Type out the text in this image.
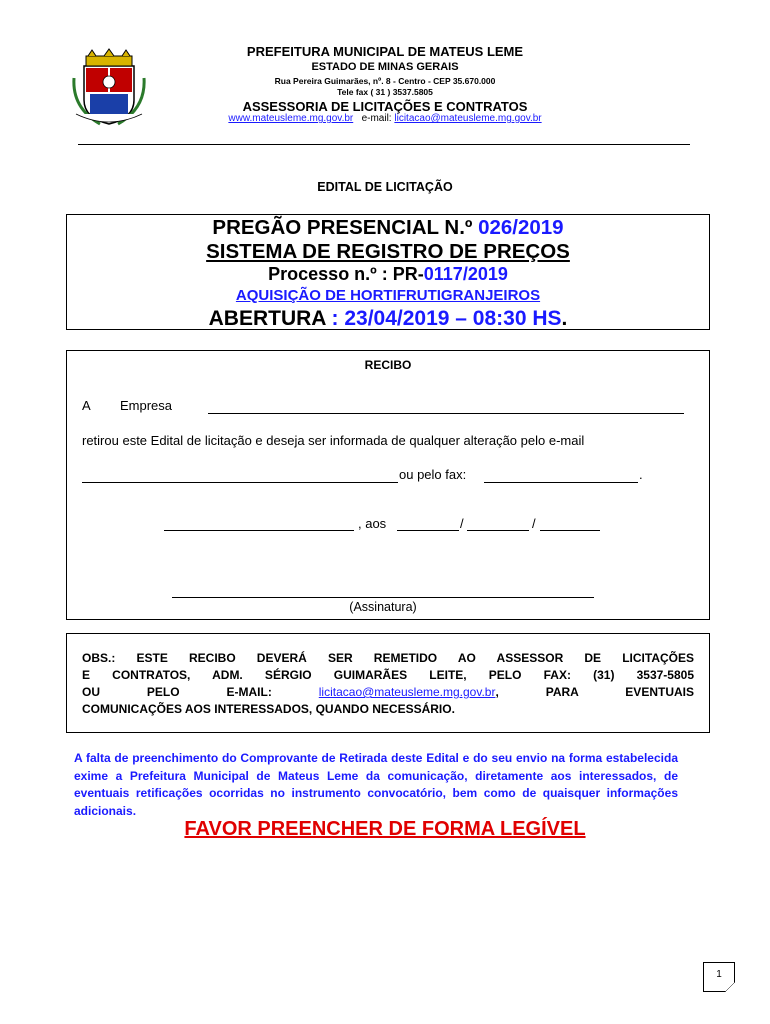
PREFEITURA MUNICIPAL DE MATEUS LEME
ESTADO DE MINAS GERAIS
Rua Pereira Guimarães, nº. 8 - Centro - CEP 35.670.000
Tele fax ( 31 ) 3537.5805
ASSESSORIA DE LICITAÇÕES E CONTRATOS
www.mateusleme.mg.gov.br e-mail: licitacao@mateusleme.mg.gov.br
EDITAL DE LICITAÇÃO
PREGÃO PRESENCIAL N.º 026/2019
SISTEMA DE REGISTRO DE PREÇOS
Processo n.º : PR-0117/2019
AQUISIÇÃO DE HORTIFRUTIGRANJEIROS
ABERTURA : 23/04/2019 – 08:30 HS.
RECIBO
A Empresa
retirou este Edital de licitação e deseja ser informada de qualquer alteração pelo e-mail
ou pelo fax:	.
, aos	/	/
(Assinatura)
OBS.: ESTE RECIBO DEVERÁ SER REMETIDO AO ASSESSOR DE LICITAÇÕES
E CONTRATOS, ADM. SÉRGIO GUIMARÃES LEITE, PELO FAX: (31) 3537-5805
OU PELO E-MAIL:	licitacao@mateusleme.mg.gov.br, PARA EVENTUAIS
COMUNICAÇÕES AOS INTERESSADOS, QUANDO NECESSÁRIO.
A falta de preenchimento do Comprovante de Retirada deste Edital e do seu envio na forma estabelecida exime a Prefeitura Municipal de Mateus Leme da comunicação, diretamente aos interessados, de eventuais retificações ocorridas no instrumento convocatório, bem como de quaisquer informações adicionais.
FAVOR PREENCHER DE FORMA LEGÍVEL
1
